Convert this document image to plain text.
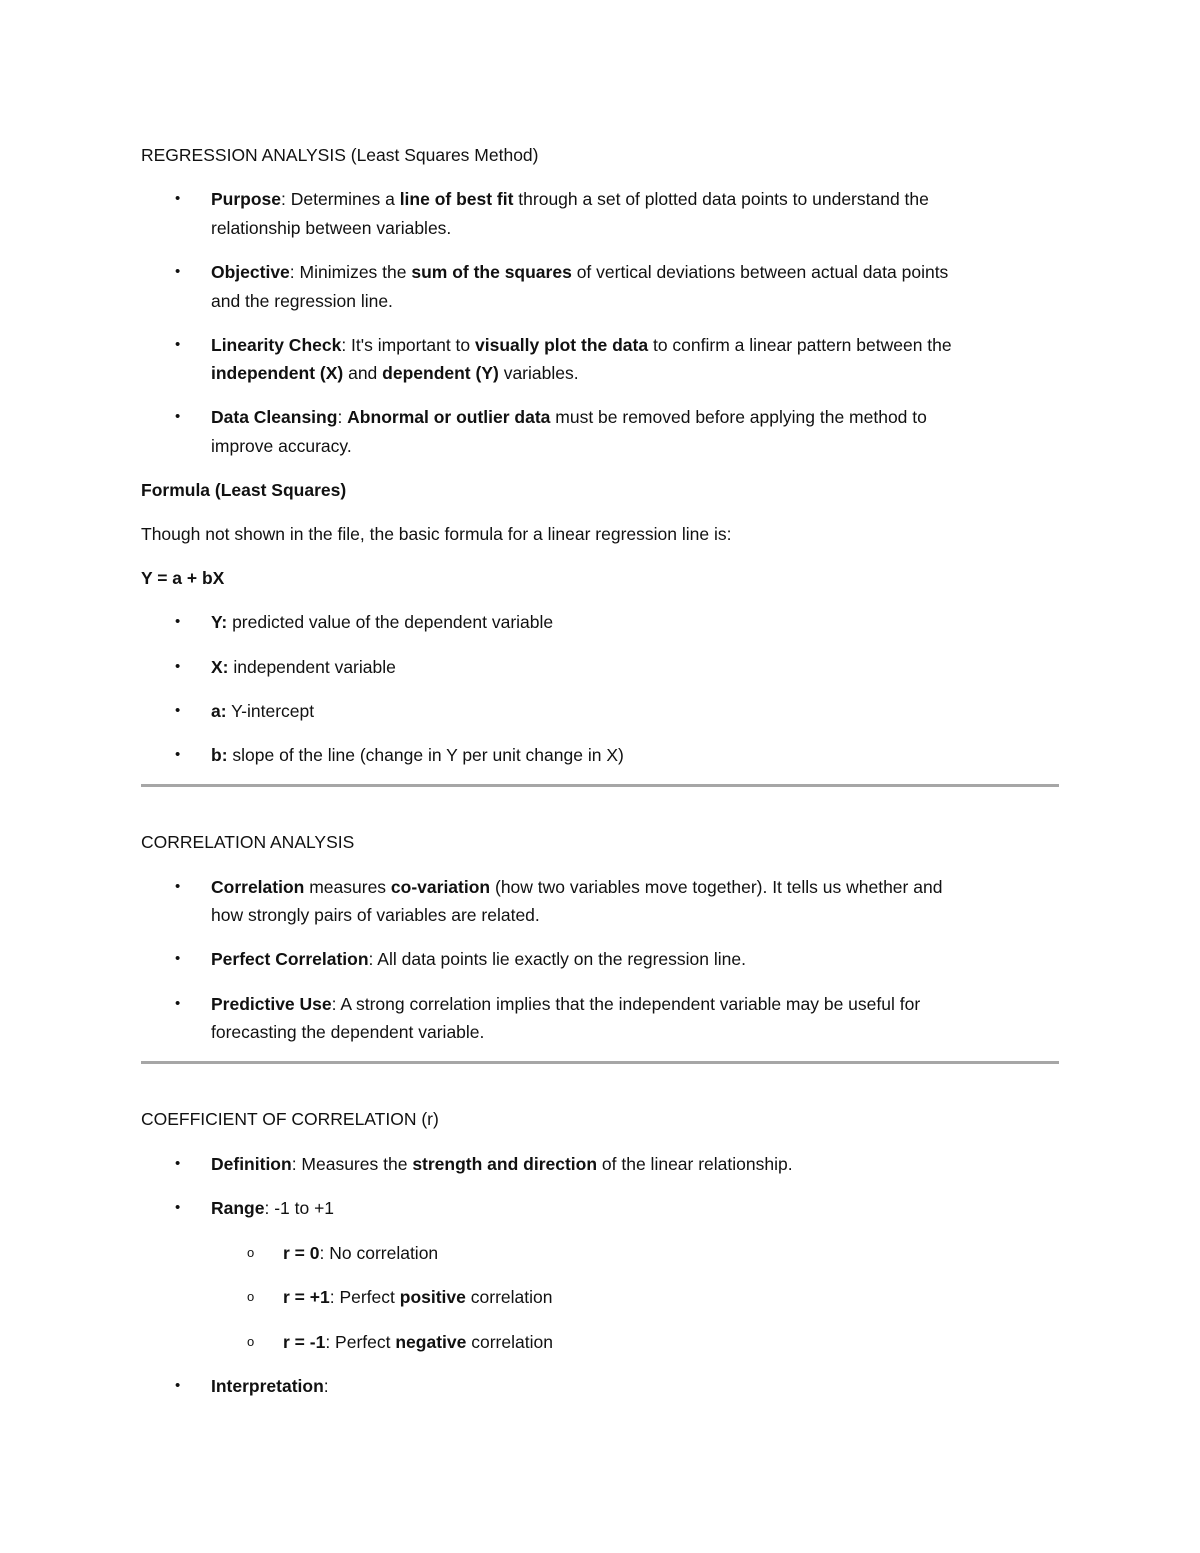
REGRESSION ANALYSIS (Least Squares Method)
•	Purpose: Determines a line of best fit through a set of plotted data points to understand the
relationship between variables.
•	Objective: Minimizes the sum of the squares of vertical deviations between actual data points
and the regression line.
•	Linearity Check: It's important to visually plot the data to confirm a linear pattern between the
independent (X) and dependent (Y) variables.
•	Data Cleansing: Abnormal or outlier data must be removed before applying the method to
improve accuracy.
Formula (Least Squares)
Though not shown in the file, the basic formula for a linear regression line is:
Y = a + bX
•	Y: predicted value of the dependent variable
•	X: independent variable
•	a: Y-intercept
•	b: slope of the line (change in Y per unit change in X)
CORRELATION ANALYSIS
•	Correlation measures co-variation (how two variables move together). It tells us whether and
how strongly pairs of variables are related.
•	Perfect Correlation: All data points lie exactly on the regression line.
•	Predictive Use: A strong correlation implies that the independent variable may be useful for
forecasting the dependent variable.
COEFFICIENT OF CORRELATION (r)
•	Definition: Measures the strength and direction of the linear relationship.
•	Range: -1 to +1
o r = 0: No correlation
o r = +1: Perfect positive correlation
o r = -1: Perfect negative correlation
•	Interpretation:
